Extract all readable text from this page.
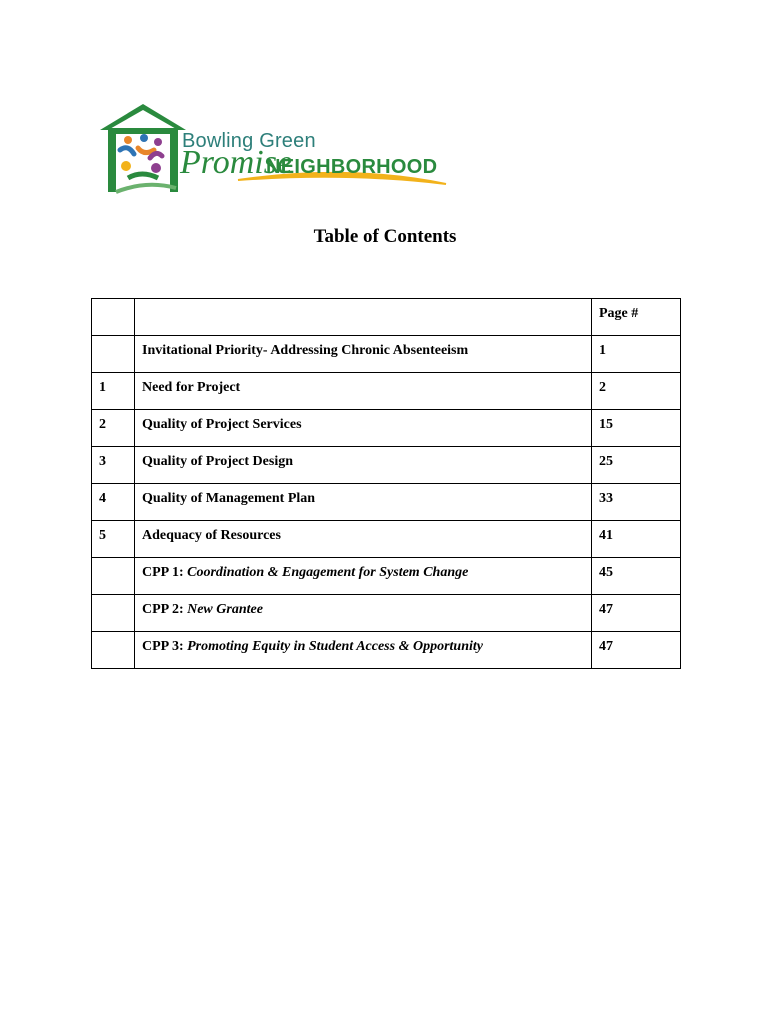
Bowling Green
Promise
NEIGHBORHOOD
Table of Contents
		Page #
	Invitational Priority- Addressing Chronic Absenteeism	1
1	Need for Project	2
2	Quality of Project Services	15
3	Quality of Project Design	25
4	Quality of Management Plan	33
5	Adequacy of Resources	41
	CPP 1: Coordination & Engagement for System Change	45
	CPP 2: New Grantee	47
	CPP 3: Promoting Equity in Student Access & Opportunity	47
